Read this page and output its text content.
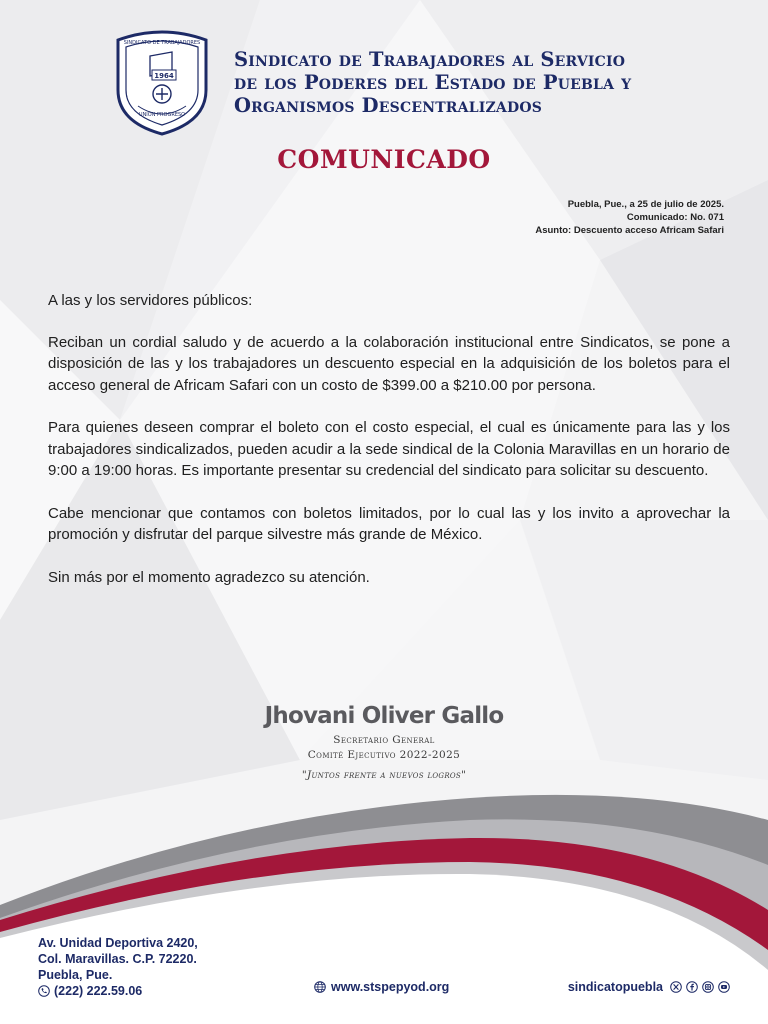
SINDICATO DE TRABAJADORES
1964
UNIÓN PROGRESO
Sindicato de Trabajadores al Servicio
de los Poderes del Estado de Puebla y
Organismos Descentralizados
COMUNICADO
Puebla, Pue., a 25 de julio de 2025.
Comunicado: No. 071
Asunto: Descuento acceso Africam Safari

A las y los servidores públicos:

Reciban un cordial saludo y de acuerdo a la colaboración institucional entre Sindicatos, se pone a disposición de las y los trabajadores un descuento especial en la adquisición de los boletos para el acceso general de Africam Safari con un costo de $399.00 a $210.00 por persona.

Para quienes deseen comprar el boleto con el costo especial, el cual es únicamente para las y los trabajadores sindicalizados, pueden acudir a la sede sindical de la Colonia Maravillas en un horario de 9:00 a 19:00 horas. Es importante presentar su credencial del sindicato para solicitar su descuento.

Cabe mencionar que contamos con boletos limitados, por lo cual las y los invito a aprovechar la promoción y disfrutar del parque silvestre más grande de México.

Sin más por el momento agradezco su atención.

Jhovani Oliver Gallo
Secretario General
Comité Ejecutivo 2022-2025
"Juntos frente a nuevos logros"
Av. Unidad Deportiva 2420,
Col. Maravillas. C.P. 72220.
Puebla, Pue.
(222) 222.59.06	www.stspepyod.org	sindicatopuebla
